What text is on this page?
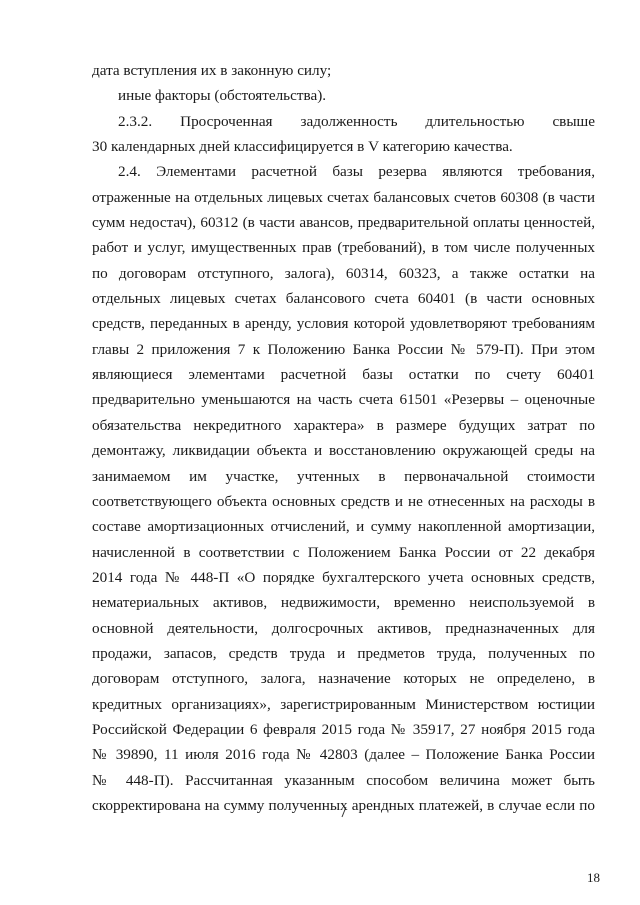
дата вступления их в законную силу;
иные факторы (обстоятельства).
2.3.2. Просроченная задолженность длительностью свыше
30 календарных дней классифицируется в V категорию качества.
2.4. Элементами расчетной базы резерва являются требования,
отраженные на отдельных лицевых счетах балансовых счетов 60308 (в части
сумм недостач), 60312 (в части авансов, предварительной оплаты ценностей,
работ и услуг, имущественных прав (требований), в том числе полученных
по договорам отступного, залога), 60314, 60323, а также остатки на
отдельных лицевых счетах балансового счета 60401 (в части основных
средств, переданных в аренду, условия которой удовлетворяют требованиям
главы 2 приложения 7 к Положению Банка России № 579-П). При этом
являющиеся элементами расчетной базы остатки по счету 60401
предварительно уменьшаются на часть счета 61501 «Резервы – оценочные
обязательства некредитного характера» в размере будущих затрат по
демонтажу, ликвидации объекта и восстановлению окружающей среды на
занимаемом им участке, учтенных в первоначальной стоимости
соответствующего объекта основных средств и не отнесенных на расходы в
составе амортизационных отчислений, и сумму накопленной амортизации,
начисленной в соответствии с Положением Банка России от 22 декабря
2014 года № 448-П «О порядке бухгалтерского учета основных средств,
нематериальных активов, недвижимости, временно неиспользуемой в
основной деятельности, долгосрочных активов, предназначенных для
продажи, запасов, средств труда и предметов труда, полученных по
договорам отступного, залога, назначение которых не определено, в
кредитных организациях», зарегистрированным Министерством юстиции
Российской Федерации 6 февраля 2015 года № 35917, 27 ноября 2015 года
№ 39890, 11 июля 2016 года № 42803 (далее – Положение Банка России
№ 448-П). Рассчитанная указанным способом величина может быть
скорректирована на сумму полученных арендных платежей, в случае если по
18
